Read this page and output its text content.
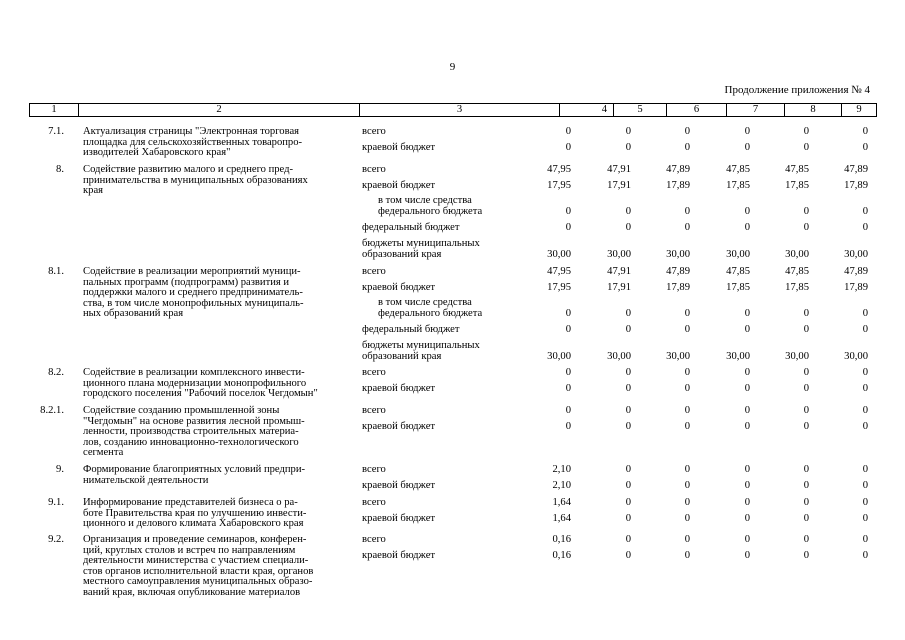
9
Продолжение приложения № 4
1	2	3	4	5	6	7	8	9
7.1. Актуализация страницы "Электронная торговая
площадка для сельскохозяйственных товаропро-
изводителей Хабаровского края"
всего	0	0	0	0	0	0
краевой бюджет	0	0	0	0	0	0
8. Содействие развитию малого и среднего пред-
принимательства в муниципальных образованиях
края
всего	47,95	47,91	47,89	47,85	47,85	47,89
краевой бюджет	17,95	17,91	17,89	17,85	17,85	17,89
в том числе средства
федерального бюджета	0	0	0	0	0	0
федеральный бюджет	0	0	0	0	0	0
бюджеты муниципальных
образований края	30,00	30,00	30,00	30,00	30,00	30,00
8.1. Содействие в реализации мероприятий муници-
пальных программ (подпрограмм) развития и
поддержки малого и среднего предприниматель-
ства, в том числе монопрофильных муниципаль-
ных образований края
всего	47,95	47,91	47,89	47,85	47,85	47,89
краевой бюджет	17,95	17,91	17,89	17,85	17,85	17,89
в том числе средства
федерального бюджета	0	0	0	0	0	0
федеральный бюджет	0	0	0	0	0	0
бюджеты муниципальных
образований края	30,00	30,00	30,00	30,00	30,00	30,00
8.2. Содействие в реализации комплексного инвести-
ционного плана модернизации монопрофильного
городского поселения "Рабочий поселок Чегдомын"
всего	0	0	0	0	0	0
краевой бюджет	0	0	0	0	0	0
8.2.1. Содействие созданию промышленной зоны
"Чегдомын" на основе развития лесной промыш-
ленности, производства строительных материа-
лов, созданию инновационно-технологического
сегмента
всего	0	0	0	0	0	0
краевой бюджет	0	0	0	0	0	0
9. Формирование благоприятных условий предпри-
нимательской деятельности
всего	2,10	0	0	0	0	0
краевой бюджет	2,10	0	0	0	0	0
9.1. Информирование представителей бизнеса о ра-
боте Правительства края по улучшению инвести-
ционного и делового климата Хабаровского края
всего	1,64	0	0	0	0	0
краевой бюджет	1,64	0	0	0	0	0
9.2. Организация и проведение семинаров, конферен-
ций, круглых столов и встреч по направлениям
деятельности министерства с участием специали-
стов органов исполнительной власти края, органов
местного самоуправления муниципальных образо-
ваний края, включая опубликование материалов
всего	0,16	0	0	0	0	0
краевой бюджет	0,16	0	0	0	0	0
